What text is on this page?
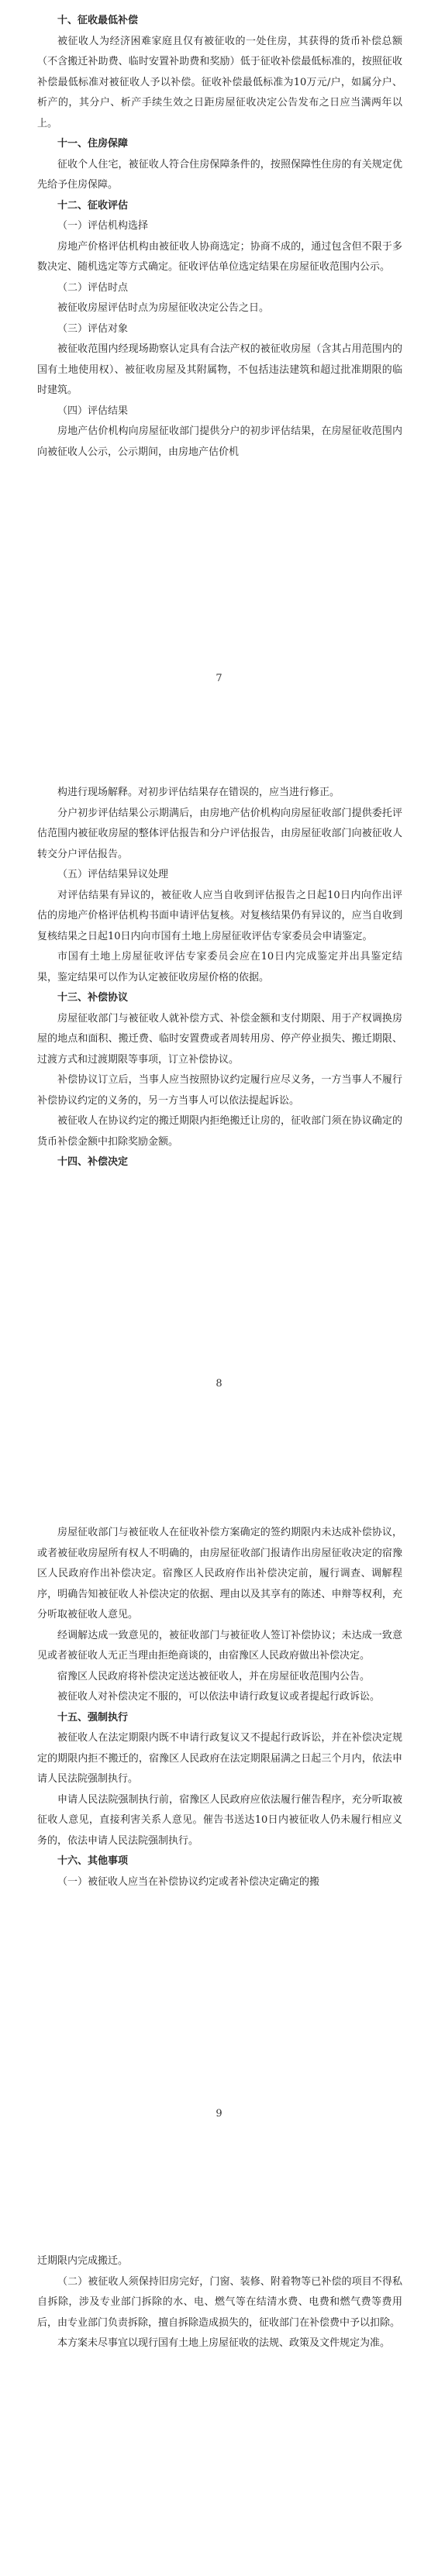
十、征收最低补偿

被征收人为经济困难家庭且仅有被征收的一处住房，其获得的货币补偿总额（不含搬迁补助费、临时安置补助费和奖励）低于征收补偿最低标准的，按照征收补偿最低标准对被征收人予以补偿。征收补偿最低标准为10万元/户，如属分户、析产的，其分户、析产手续生效之日距房屋征收决定公告发布之日应当满两年以上。

十一、住房保障

征收个人住宅，被征收人符合住房保障条件的，按照保障性住房的有关规定优先给予住房保障。

十二、征收评估

（一）评估机构选择

房地产价格评估机构由被征收人协商选定；协商不成的，通过包含但不限于多数决定、随机选定等方式确定。征收评估单位选定结果在房屋征收范围内公示。

（二）评估时点

被征收房屋评估时点为房屋征收决定公告之日。

（三）评估对象

被征收范围内经现场勘察认定具有合法产权的被征收房屋（含其占用范围内的国有土地使用权）、被征收房屋及其附属物，不包括违法建筑和超过批准期限的临时建筑。

（四）评估结果

房地产估价机构向房屋征收部门提供分户的初步评估结果，在房屋征收范围内向被征收人公示，公示期间，由房地产估价机

7

构进行现场解释。对初步评估结果存在错误的，应当进行修正。

分户初步评估结果公示期满后，由房地产估价机构向房屋征收部门提供委托评估范围内被征收房屋的整体评估报告和分户评估报告，由房屋征收部门向被征收人转交分户评估报告。

（五）评估结果异议处理

对评估结果有异议的，被征收人应当自收到评估报告之日起10日内向作出评估的房地产价格评估机构书面申请评估复核。对复核结果仍有异议的，应当自收到复核结果之日起10日内向市国有土地上房屋征收评估专家委员会申请鉴定。

市国有土地上房屋征收评估专家委员会应在10日内完成鉴定并出具鉴定结果，鉴定结果可以作为认定被征收房屋价格的依据。

十三、补偿协议

房屋征收部门与被征收人就补偿方式、补偿金额和支付期限、用于产权调换房屋的地点和面积、搬迁费、临时安置费或者周转用房、停产停业损失、搬迁期限、过渡方式和过渡期限等事项，订立补偿协议。

补偿协议订立后，当事人应当按照协议约定履行应尽义务，一方当事人不履行补偿协议约定的义务的，另一方当事人可以依法提起诉讼。

被征收人在协议约定的搬迁期限内拒绝搬迁让房的，征收部门须在协议确定的货币补偿金额中扣除奖励金额。

十四、补偿决定

8

房屋征收部门与被征收人在征收补偿方案确定的签约期限内未达成补偿协议，或者被征收房屋所有权人不明确的，由房屋征收部门报请作出房屋征收决定的宿豫区人民政府作出补偿决定。宿豫区人民政府作出补偿决定前，履行调查、调解程序，明确告知被征收人补偿决定的依据、理由以及其享有的陈述、申辩等权利，充分听取被征收人意见。

经调解达成一致意见的，被征收部门与被征收人签订补偿协议；未达成一致意见或者被征收人无正当理由拒绝商谈的，由宿豫区人民政府做出补偿决定。

宿豫区人民政府将补偿决定送达被征收人，并在房屋征收范围内公告。

被征收人对补偿决定不服的，可以依法申请行政复议或者提起行政诉讼。

十五、强制执行

被征收人在法定期限内既不申请行政复议又不提起行政诉讼，并在补偿决定规定的期限内拒不搬迁的，宿豫区人民政府在法定期限届满之日起三个月内，依法申请人民法院强制执行。

申请人民法院强制执行前，宿豫区人民政府应依法履行催告程序，充分听取被征收人意见，直接利害关系人意见。催告书送达10日内被征收人仍未履行相应义务的，依法申请人民法院强制执行。

十六、其他事项

（一）被征收人应当在补偿协议约定或者补偿决定确定的搬

9

迁期限内完成搬迁。

（二）被征收人须保持旧房完好，门窗、装修、附着物等已补偿的项目不得私自拆除，涉及专业部门拆除的水、电、燃气等在结清水费、电费和燃气费等费用后，由专业部门负责拆除，擅自拆除造成损失的，征收部门在补偿费中予以扣除。

本方案未尽事宜以现行国有土地上房屋征收的法规、政策及文件规定为准。
